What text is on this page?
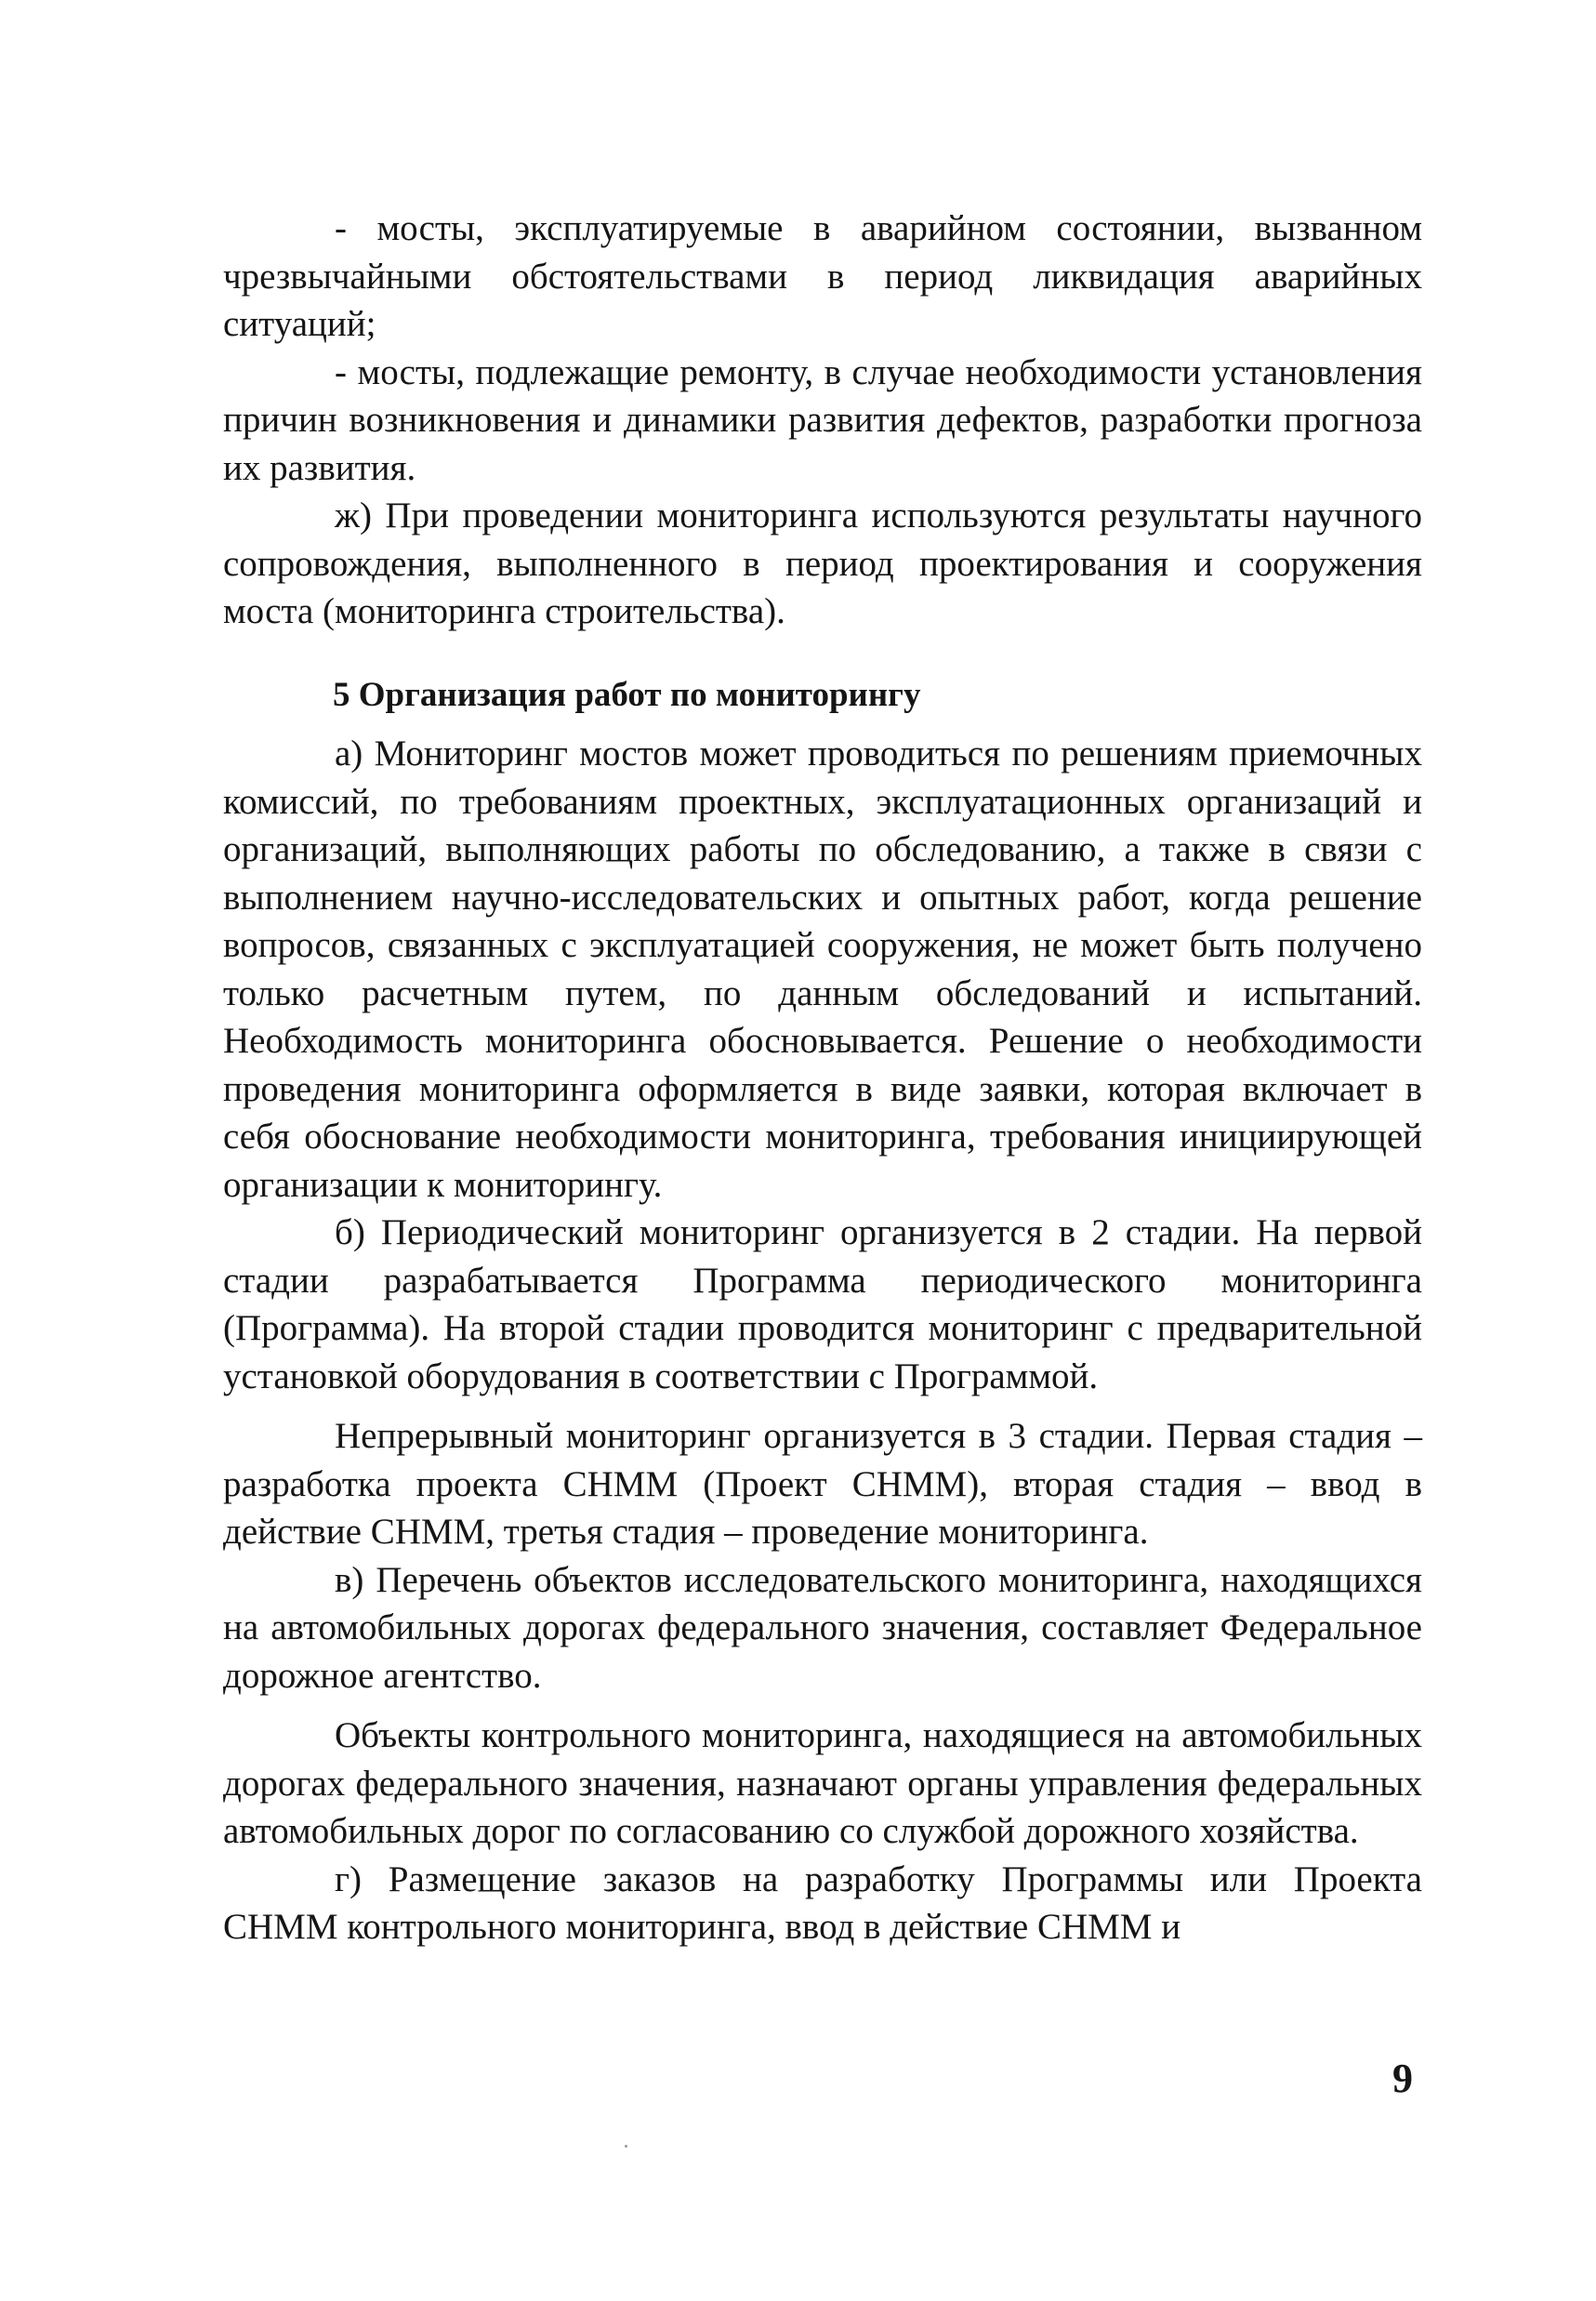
- мосты, эксплуатируемые в аварийном состоянии, вызванном чрезвычайными обстоятельствами в период ликвидация аварийных ситуаций;

- мосты, подлежащие ремонту, в случае необходимости установления причин возникновения и динамики развития дефектов, разработки прогноза их развития.

ж) При проведении мониторинга используются результаты научного сопровождения, выполненного в период проектирования и сооружения моста (мониторинга строительства).

5 Организация работ по мониторингу

а) Мониторинг мостов может проводиться по решениям приемочных комиссий, по требованиям проектных, эксплуатационных организаций и организаций, выполняющих работы по обследованию, а также в связи с выполнением научно-исследовательских и опытных работ, когда решение вопросов, связанных с эксплуатацией сооружения, не может быть получено только расчетным путем, по данным обследований и испытаний. Необходимость мониторинга обосновывается. Решение о необходимости проведения мониторинга оформляется в виде заявки, которая включает в себя обоснование необходимости мониторинга, требования инициирующей организации к мониторингу.

б) Периодический мониторинг организуется в 2 стадии. На первой стадии разрабатывается Программа периодического мониторинга (Программа). На второй стадии проводится мониторинг с предварительной установкой оборудования в соответствии с Программой.

Непрерывный мониторинг организуется в 3 стадии. Первая стадия – разработка проекта СНММ (Проект СНММ), вторая стадия – ввод в действие СНММ, третья стадия – проведение мониторинга.

в) Перечень объектов исследовательского мониторинга, находящихся на автомобильных дорогах федерального значения, составляет Федеральное дорожное агентство.

Объекты контрольного мониторинга, находящиеся на автомобильных дорогах федерального значения, назначают органы управления федеральных автомобильных дорог по согласованию со службой дорожного хозяйства.

г) Размещение заказов на разработку Программы или Проекта СНММ контрольного мониторинга, ввод в действие СНММ и

9
